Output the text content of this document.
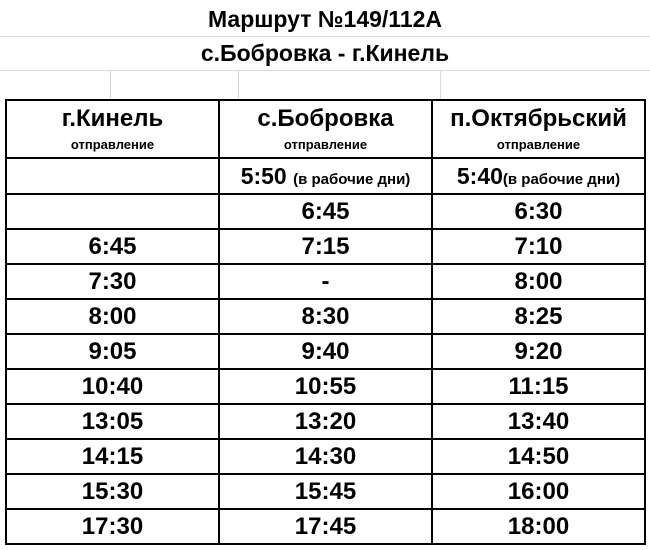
Маршрут №149/112А
с.Бобровка - г.Кинель
г.Кинель	с.Бобровка	п.Октябрьский
отправление	отправление	отправление
	5:50 (в рабочие дни)	5:40(в рабочие дни)
	6:45	6:30
6:45	7:15	7:10
7:30	-	8:00
8:00	8:30	8:25
9:05	9:40	9:20
10:40	10:55	11:15
13:05	13:20	13:40
14:15	14:30	14:50
15:30	15:45	16:00
17:30	17:45	18:00
